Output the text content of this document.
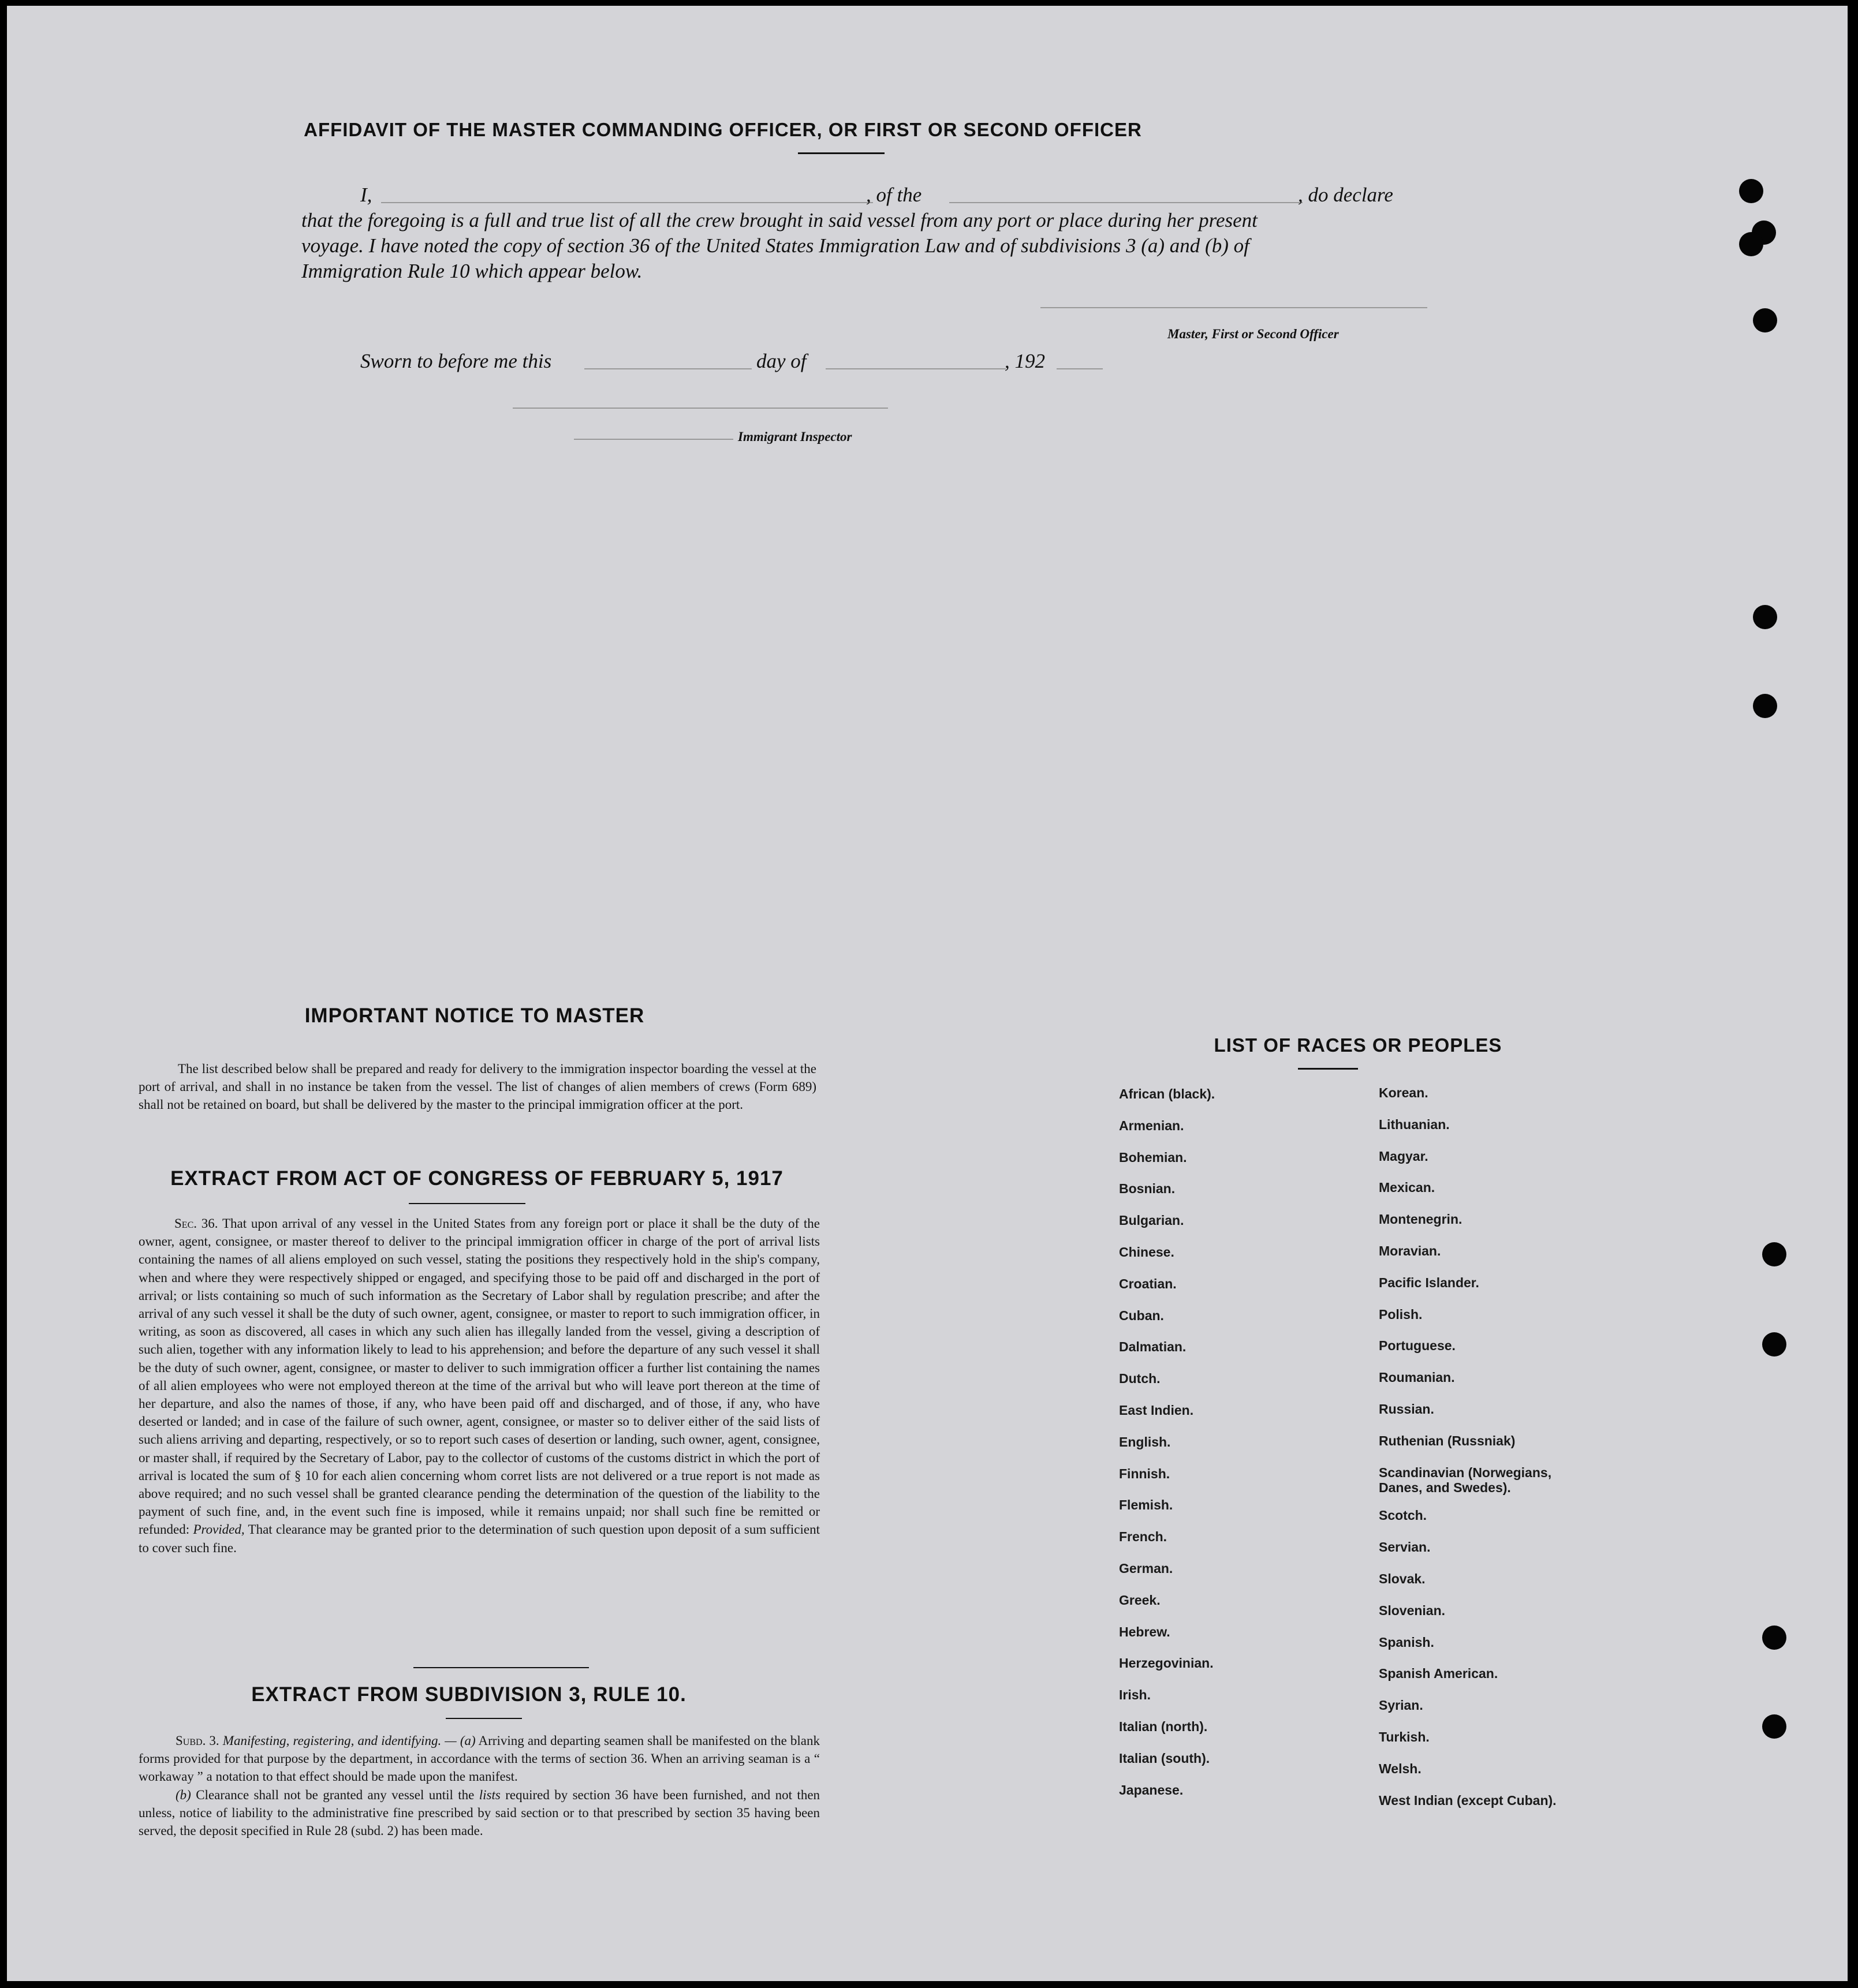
AFFIDAVIT OF THE MASTER COMMANDING OFFICER, OR FIRST OR SECOND OFFICER
I,	, of the	, do declare
that the foregoing is a full and true list of all the crew brought in said vessel from any port or place during her present
voyage. I have noted the copy of section 36 of the United States Immigration Law and of subdivisions 3 (a) and (b) of
Immigration Rule 10 which appear below.
Master, First or Second Officer
Sworn to before me this	day of	, 192
Immigrant Inspector
IMPORTANT NOTICE TO MASTER
The list described below shall be prepared and ready for delivery to the immigration inspector boarding the vessel at the port of arrival, and shall in no instance be taken from the vessel. The list of changes of alien members of crews (Form 689) shall not be retained on board, but shall be delivered by the master to the principal immigration officer at the port.
EXTRACT FROM ACT OF CONGRESS OF FEBRUARY 5, 1917
Sec. 36. That upon arrival of any vessel in the United States from any foreign port or place it shall be the duty of the owner, agent, consignee, or master thereof to deliver to the principal immigration officer in charge of the port of arrival lists containing the names of all aliens employed on such vessel, stating the positions they respectively hold in the ship's company, when and where they were respectively shipped or engaged, and specifying those to be paid off and discharged in the port of arrival; or lists containing so much of such information as the Secretary of Labor shall by regulation prescribe; and after the arrival of any such vessel it shall be the duty of such owner, agent, consignee, or master to report to such immigration officer, in writing, as soon as discovered, all cases in which any such alien has illegally landed from the vessel, giving a description of such alien, together with any information likely to lead to his apprehension; and before the departure of any such vessel it shall be the duty of such owner, agent, consignee, or master to deliver to such immigration officer a further list containing the names of all alien employees who were not employed thereon at the time of the arrival but who will leave port thereon at the time of her departure, and also the names of those, if any, who have been paid off and discharged, and of those, if any, who have deserted or landed; and in case of the failure of such owner, agent, consignee, or master so to deliver either of the said lists of such aliens arriving and departing, respectively, or so to report such cases of desertion or landing, such owner, agent, consignee, or master shall, if required by the Secretary of Labor, pay to the collector of customs of the customs district in which the port of arrival is located the sum of § 10 for each alien concerning whom corret lists are not delivered or a true report is not made as above required; and no such vessel shall be granted clearance pending the determination of the question of the liability to the payment of such fine, and, in the event such fine is imposed, while it remains unpaid; nor shall such fine be remitted or refunded: Provided, That clearance may be granted prior to the determination of such question upon deposit of a sum sufficient to cover such fine.
EXTRACT FROM SUBDIVISION 3, RULE 10.

Subd. 3. Manifesting, registering, and identifying. — (a) Arriving and departing seamen shall be manifested on the blank forms provided for that purpose by the department, in accordance with the terms of section 36. When an arriving seaman is a “ workaway ” a notation to that effect should be made upon the manifest.

(b) Clearance shall not be granted any vessel until the lists required by section 36 have been furnished, and not then unless, notice of liability to the administrative fine prescribed by said section or to that prescribed by section 35 having been served, the deposit specified in Rule 28 (subd. 2) has been made.

LIST OF RACES OR PEOPLES
African (black).
Armenian.
Bohemian.
Bosnian.
Bulgarian.
Chinese.
Croatian.
Cuban.
Dalmatian.
Dutch.
East Indien.
English.
Finnish.
Flemish.
French.
German.
Greek.
Hebrew.
Herzegovinian.
Irish.
Italian (north).
Italian (south).
Japanese.
Korean.
Lithuanian.
Magyar.
Mexican.
Montenegrin.
Moravian.
Pacific Islander.
Polish.
Portuguese.
Roumanian.
Russian.
Ruthenian (Russniak)
Scandinavian (Norwegians, Danes, and Swedes).
Scotch.
Servian.
Slovak.
Slovenian.
Spanish.
Spanish American.
Syrian.
Turkish.
Welsh.
West Indian (except Cuban).
